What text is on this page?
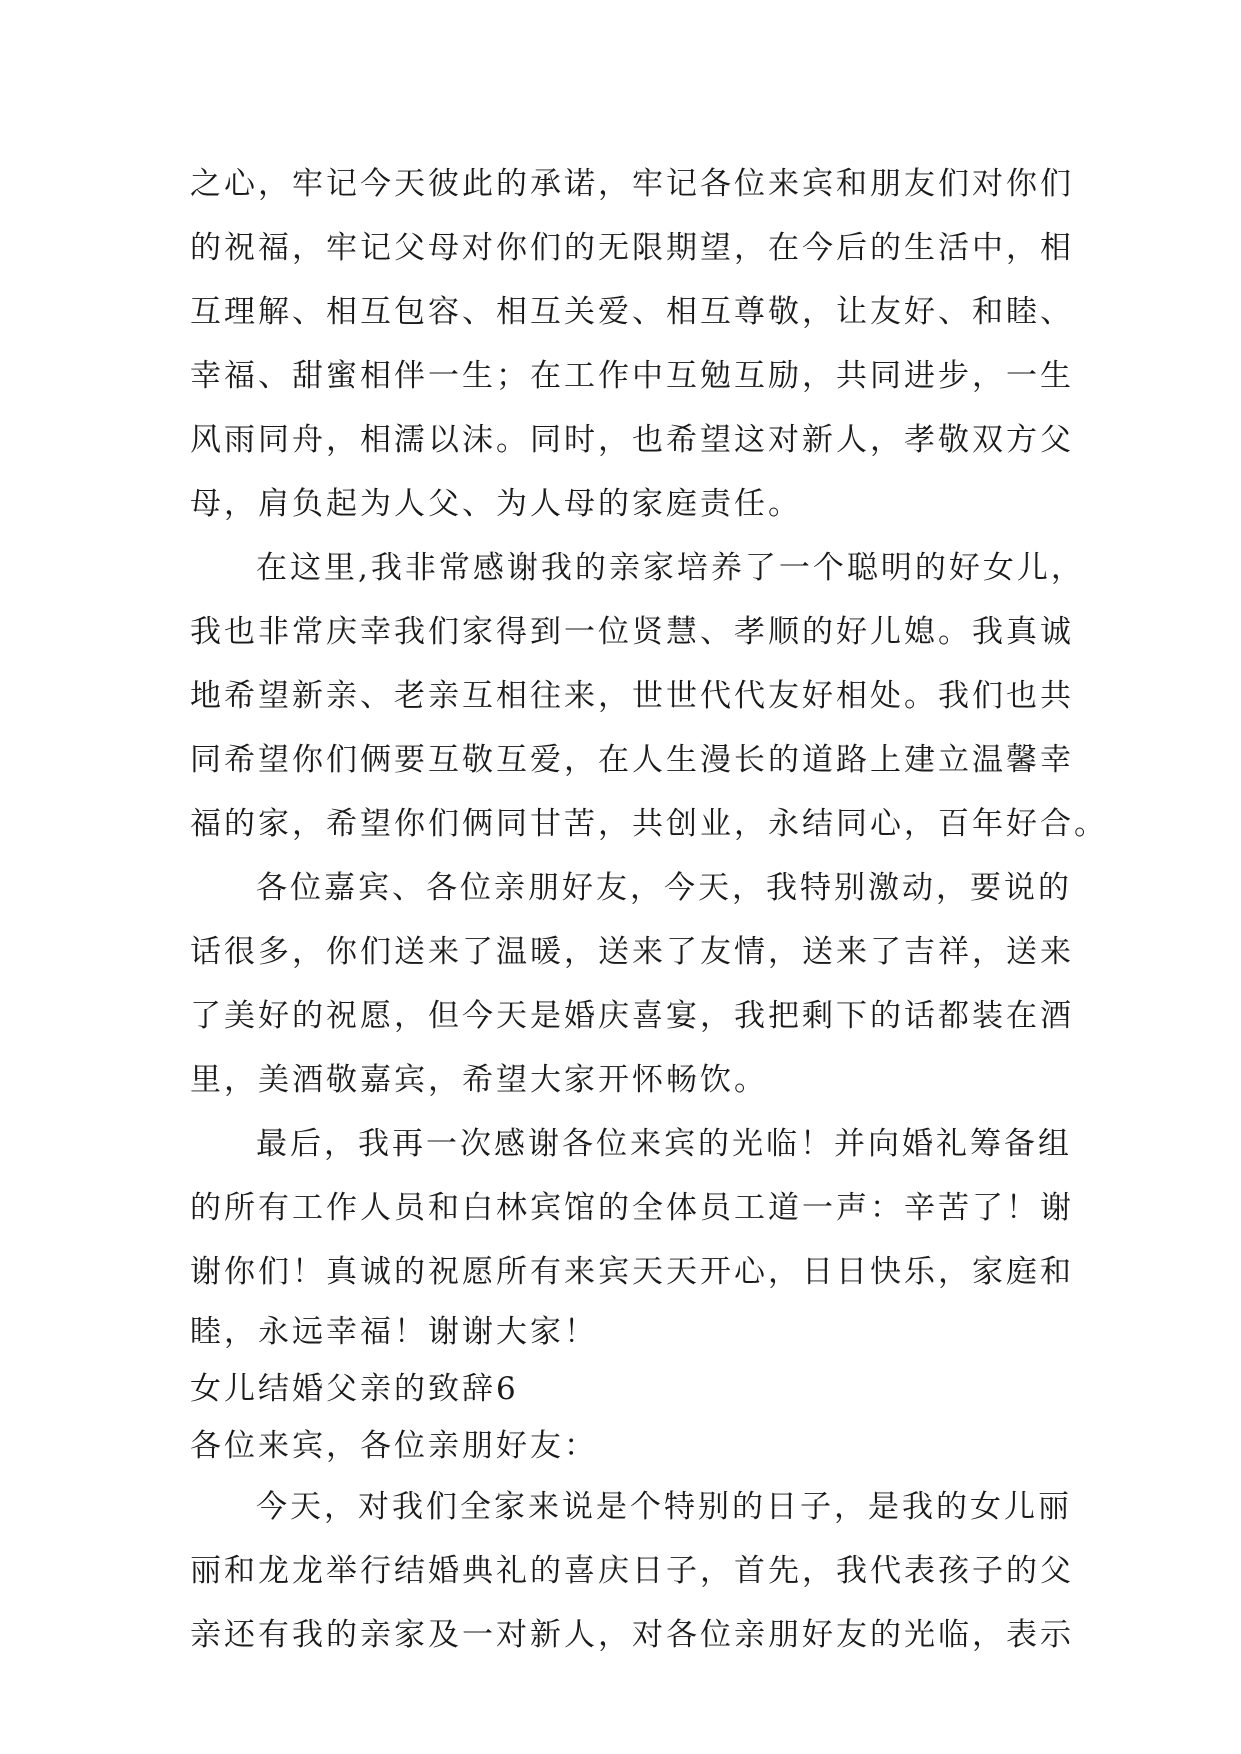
之心，牢记今天彼此的承诺，牢记各位来宾和朋友们对你们
的祝福，牢记父母对你们的无限期望，在今后的生活中，相
互理解、相互包容、相互关爱、相互尊敬，让友好、和睦、
幸福、甜蜜相伴一生；在工作中互勉互励，共同进步，一生
风雨同舟，相濡以沫。同时，也希望这对新人，孝敬双方父
母，肩负起为人父、为人母的家庭责任。
在这里,我非常感谢我的亲家培养了一个聪明的好女儿，
我也非常庆幸我们家得到一位贤慧、孝顺的好儿媳。我真诚
地希望新亲、老亲互相往来，世世代代友好相处。我们也共
同希望你们俩要互敬互爱，在人生漫长的道路上建立温馨幸
福的家，希望你们俩同甘苦，共创业，永结同心，百年好合。
各位嘉宾、各位亲朋好友，今天，我特别激动，要说的
话很多，你们送来了温暖，送来了友情，送来了吉祥，送来
了美好的祝愿，但今天是婚庆喜宴，我把剩下的话都装在酒
里，美酒敬嘉宾，希望大家开怀畅饮。
最后，我再一次感谢各位来宾的光临！并向婚礼筹备组
的所有工作人员和白林宾馆的全体员工道一声：辛苦了！谢
谢你们！真诚的祝愿所有来宾天天开心，日日快乐，家庭和
睦，永远幸福！谢谢大家！
女儿结婚父亲的致辞6
各位来宾，各位亲朋好友：
今天，对我们全家来说是个特别的日子，是我的女儿丽
丽和龙龙举行结婚典礼的喜庆日子，首先，我代表孩子的父
亲还有我的亲家及一对新人，对各位亲朋好友的光临，表示
